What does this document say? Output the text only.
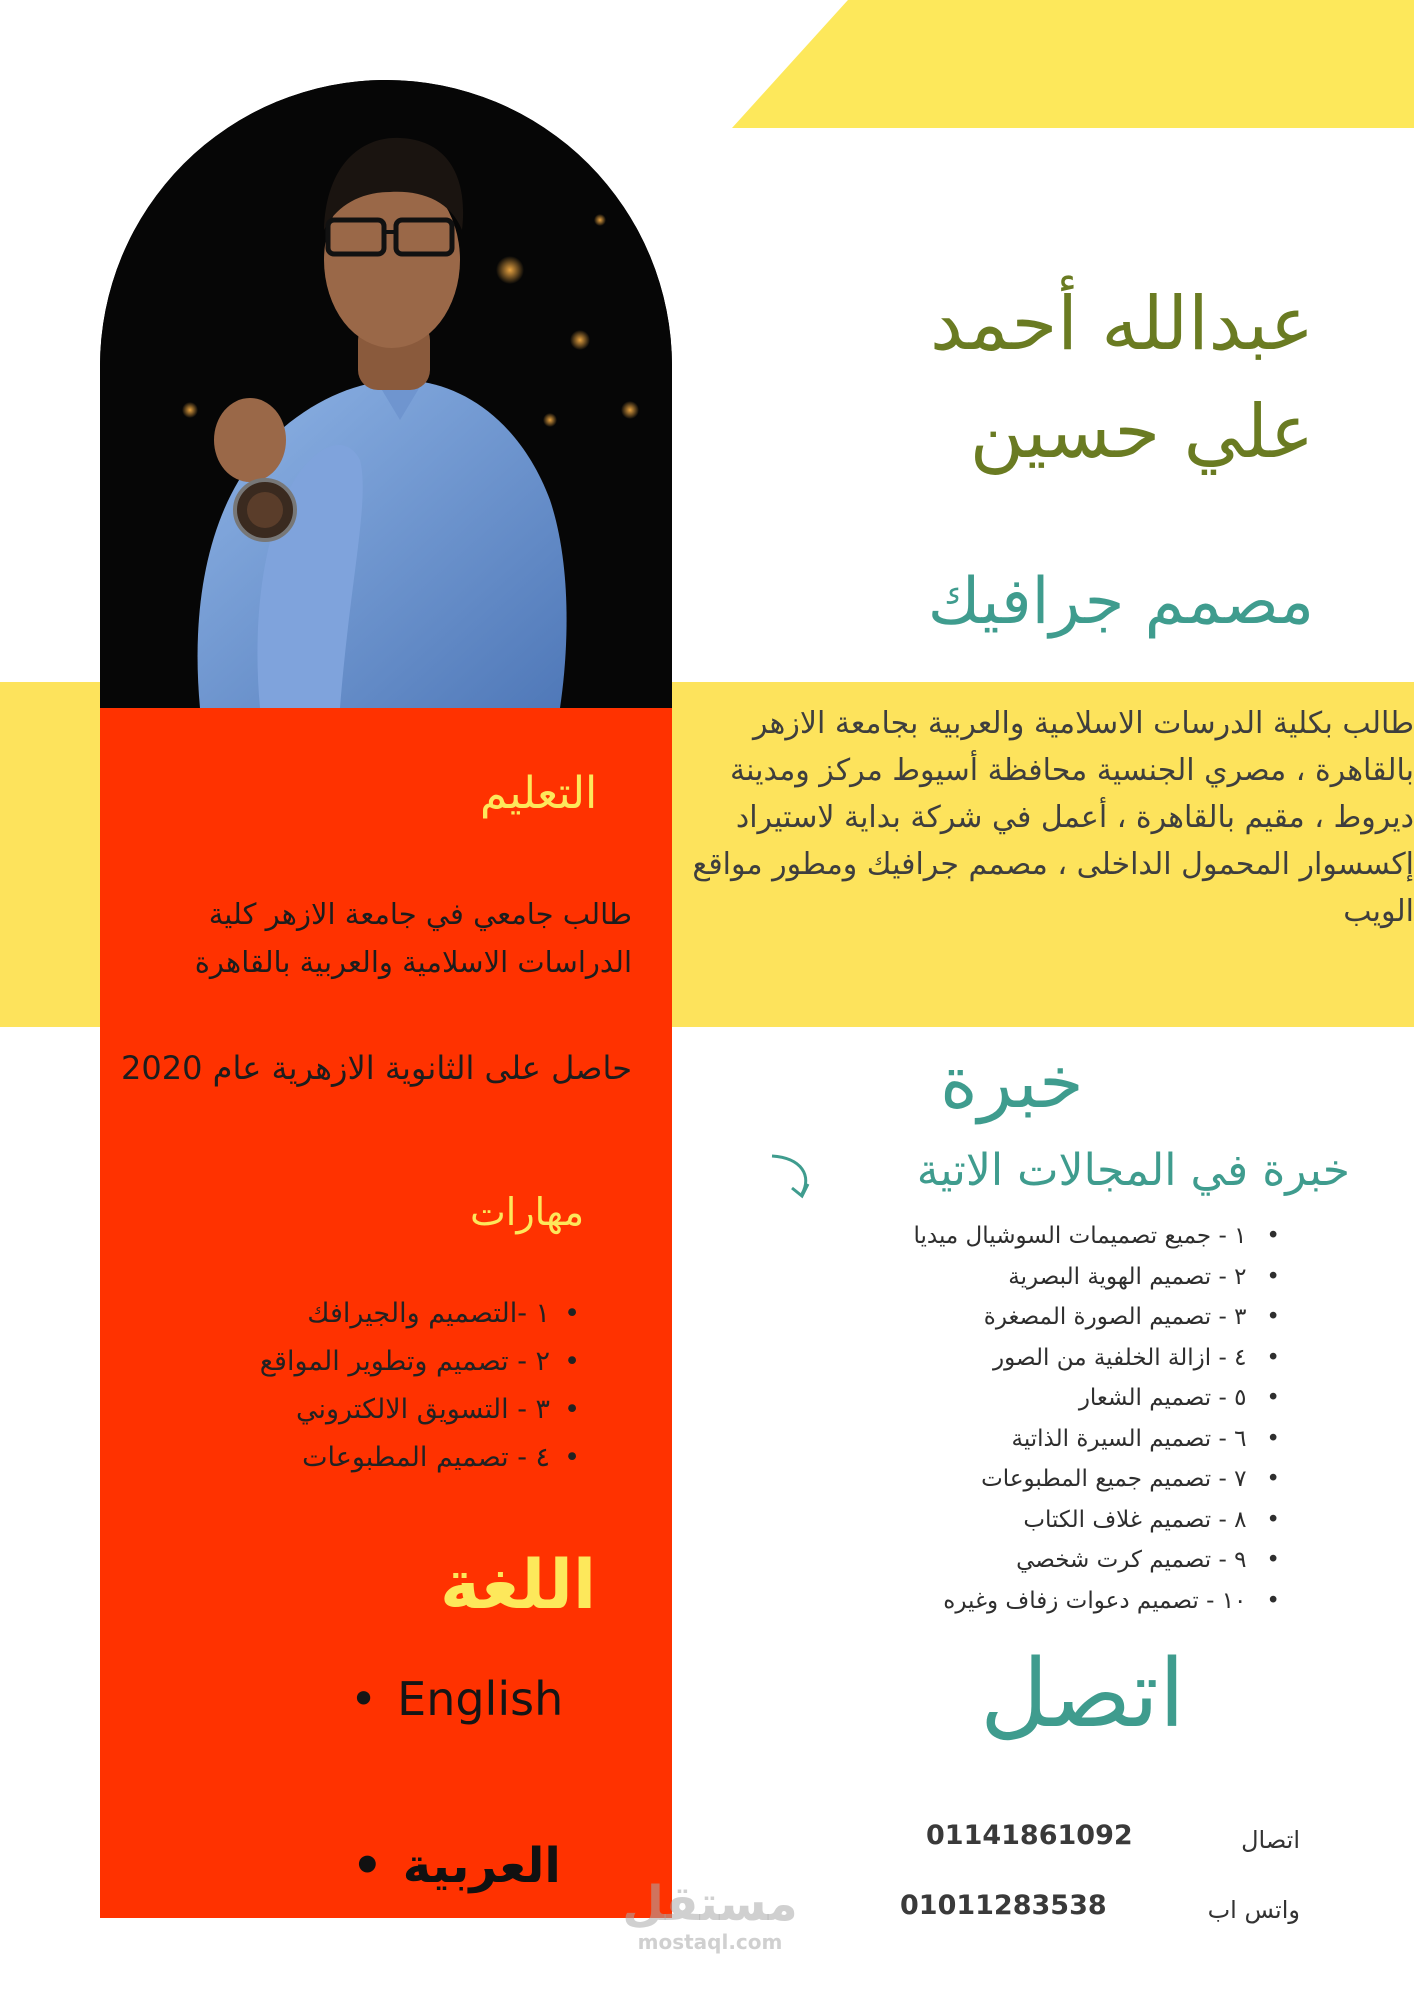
عبدالله أحمد
علي حسين
مصمم جرافيك
طالب بكلية الدرسات الاسلامية والعربية بجامعة الازهر بالقاهرة ، مصري الجنسية محافظة أسيوط مركز ومدينة ديروط ، مقيم بالقاهرة ، أعمل في شركة بداية لاستيراد إكسسوار المحمول الداخلى ، مصمم جرافيك ومطور مواقع الويب
التعليم
طالب جامعي في جامعة الازهر كلية الدراسات الاسلامية والعربية بالقاهرة
حاصل على الثانوية الازهرية عام 2020
مهارات
• ١ -التصميم والجيرافك
• ٢ - تصميم وتطوير المواقع
• ٣ - التسويق الالكتروني
• ٤ - تصميم المطبوعات
اللغة
• English
• العربية
خبرة
خبرة في المجالات الاتية
• ١ - جميع تصميمات السوشيال ميديا
• ٢ - تصميم الهوية البصرية
• ٣ - تصميم الصورة المصغرة
• ٤ - ازالة الخلفية من الصور
• ٥ - تصميم الشعار
• ٦ - تصميم السيرة الذاتية
• ٧ - تصميم جميع المطبوعات
• ٨ - تصميم غلاف الكتاب
• ٩ - تصميم كرت شخصي
• ١٠ - تصميم دعوات زفاف وغيره
اتصل
اتصال
01141861092
واتس اب
01011283538
مستقل
mostaql.com
